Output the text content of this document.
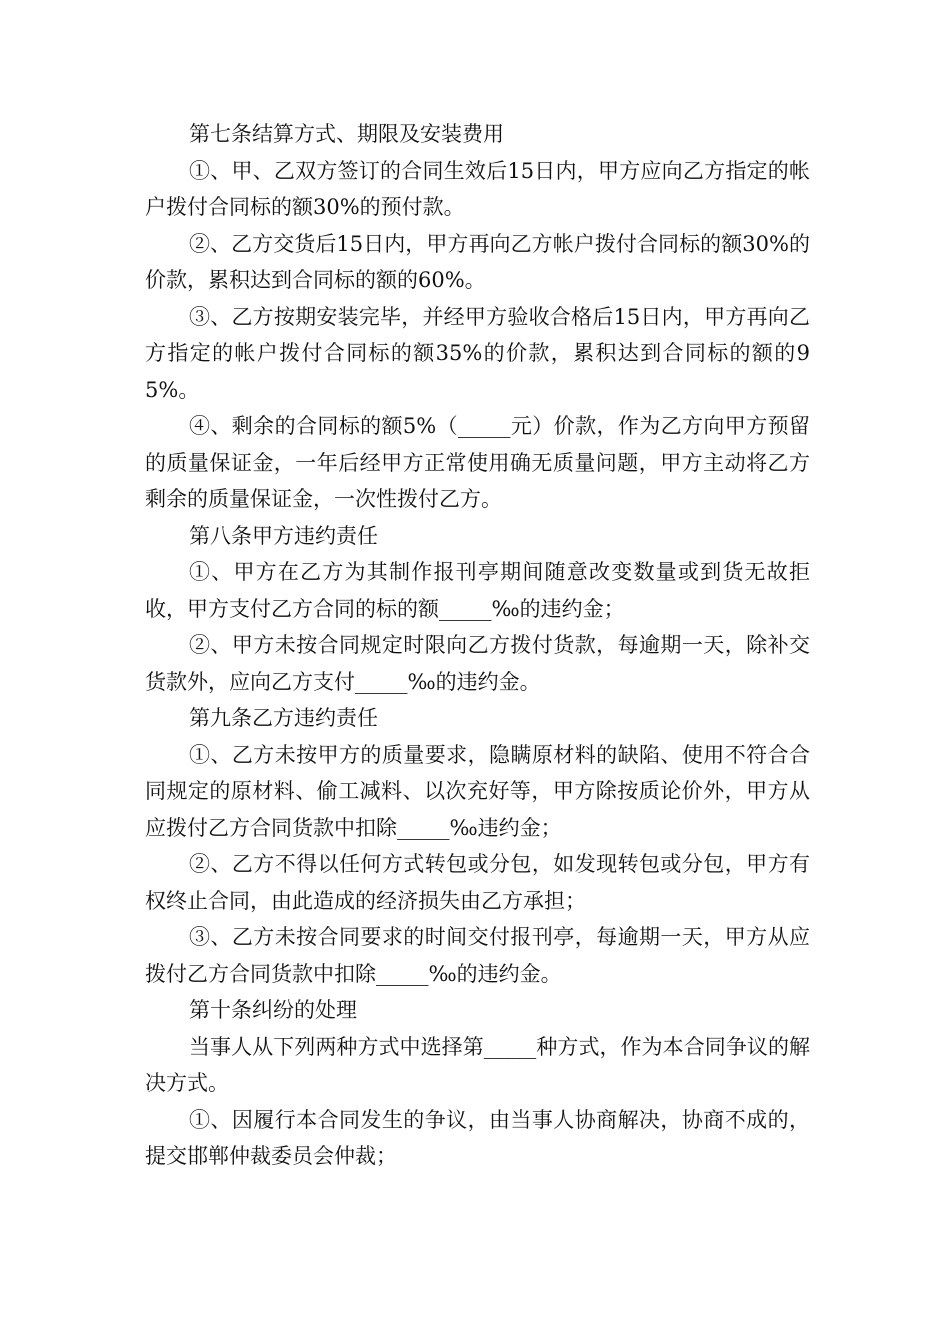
第七条结算方式、期限及安装费用

①、甲、乙双方签订的合同生效后15日内，甲方应向乙方指定的帐户拨付合同标的额30%的预付款。

②、乙方交货后15日内，甲方再向乙方帐户拨付合同标的额30%的价款，累积达到合同标的额的60%。

③、乙方按期安装完毕，并经甲方验收合格后15日内，甲方再向乙方指定的帐户拨付合同标的额35%的价款，累积达到合同标的额的95%。

④、剩余的合同标的额5%（_____元）价款，作为乙方向甲方预留的质量保证金，一年后经甲方正常使用确无质量问题，甲方主动将乙方剩余的质量保证金，一次性拨付乙方。

第八条甲方违约责任

①、甲方在乙方为其制作报刊亭期间随意改变数量或到货无故拒收，甲方支付乙方合同的标的额_____‰的违约金；

②、甲方未按合同规定时限向乙方拨付货款，每逾期一天，除补交货款外，应向乙方支付_____‰的违约金。

第九条乙方违约责任

①、乙方未按甲方的质量要求，隐瞒原材料的缺陷、使用不符合合同规定的原材料、偷工减料、以次充好等，甲方除按质论价外，甲方从应拨付乙方合同货款中扣除_____‰违约金；

②、乙方不得以任何方式转包或分包，如发现转包或分包，甲方有权终止合同，由此造成的经济损失由乙方承担；

③、乙方未按合同要求的时间交付报刊亭，每逾期一天，甲方从应拨付乙方合同货款中扣除_____‰的违约金。

第十条纠纷的处理

当事人从下列两种方式中选择第_____种方式，作为本合同争议的解决方式。

①、因履行本合同发生的争议，由当事人协商解决，协商不成的，提交邯郸仲裁委员会仲裁；
